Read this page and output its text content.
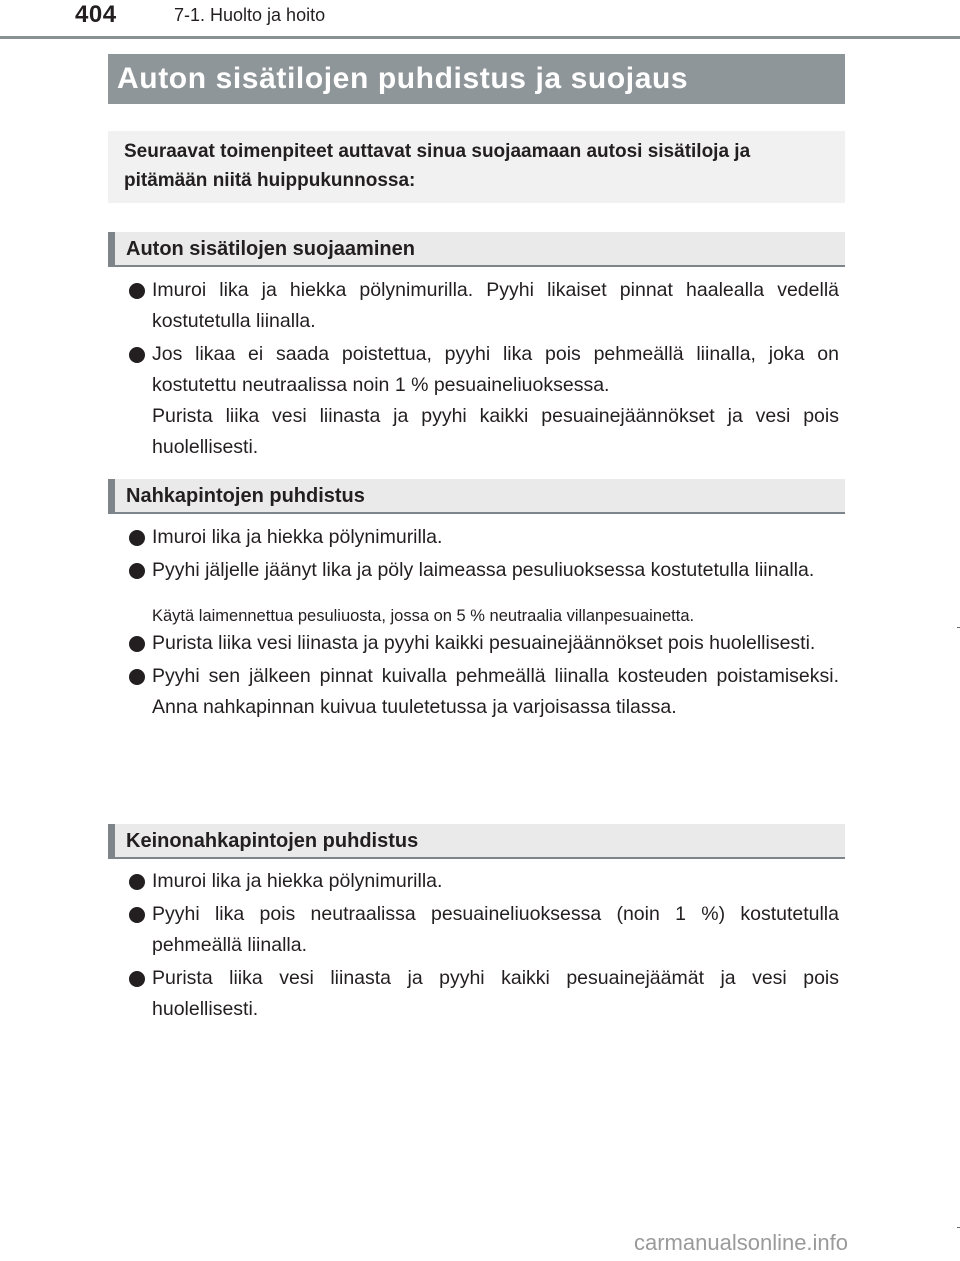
404	7-1. Huolto ja hoito
Auton sisätilojen puhdistus ja suojaus
Seuraavat toimenpiteet auttavat sinua suojaamaan autosi sisätiloja ja pitämään niitä huippukunnossa:
Auton sisätilojen suojaaminen
Imuroi lika ja hiekka pölynimurilla. Pyyhi likaiset pinnat haalealla vedellä kostutetulla liinalla.
Jos likaa ei saada poistettua, pyyhi lika pois pehmeällä liinalla, joka on kostutettu neutraalissa noin 1 % pesuaineliuoksessa.
Purista liika vesi liinasta ja pyyhi kaikki pesuainejäännökset ja vesi pois huolellisesti.
Nahkapintojen puhdistus
Imuroi lika ja hiekka pölynimurilla.
Pyyhi jäljelle jäänyt lika ja pöly laimeassa pesuliuoksessa kostutetulla liinalla.
Käytä laimennettua pesuliuosta, jossa on 5 % neutraalia villanpesuainetta.
Purista liika vesi liinasta ja pyyhi kaikki pesuainejäännökset pois huolellisesti.
Pyyhi sen jälkeen pinnat kuivalla pehmeällä liinalla kosteuden poistamiseksi. Anna nahkapinnan kuivua tuuletetussa ja varjoisassa tilassa.
Keinonahkapintojen puhdistus
Imuroi lika ja hiekka pölynimurilla.
Pyyhi lika pois neutraalissa pesuaineliuoksessa (noin 1 %) kostutetulla pehmeällä liinalla.
Purista liika vesi liinasta ja pyyhi kaikki pesuainejäämät ja vesi pois huolellisesti.
carmanualsonline.info
